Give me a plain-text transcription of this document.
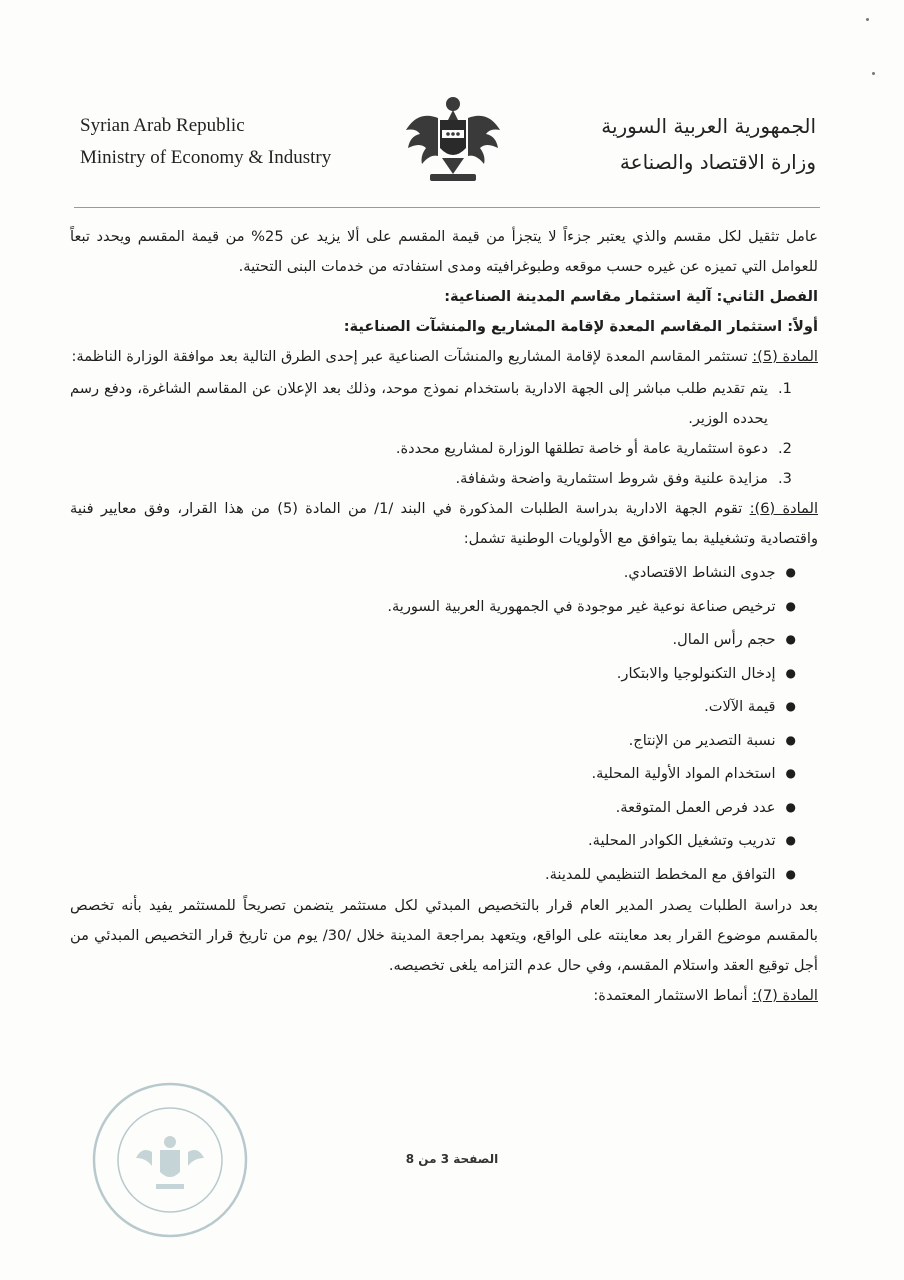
Syrian Arab Republic
Ministry of Economy & Industry
الجمهورية العربية السورية
وزارة الاقتصاد والصناعة

عامل تثقيل لكل مقسم والذي يعتبر جزءاً لا يتجزأ من قيمة المقسم على ألا يزيد عن 25% من قيمة المقسم ويحدد تبعاً للعوامل التي تميزه عن غيره حسب موقعه وطبوغرافيته ومدى استفادته من خدمات البنى التحتية.

الفصل الثاني: آلية استثمار مقاسم المدينة الصناعية:

أولاً: استثمار المقاسم المعدة لإقامة المشاريع والمنشآت الصناعية:

المادة (5): تستثمر المقاسم المعدة لإقامة المشاريع والمنشآت الصناعية عبر إحدى الطرق التالية بعد موافقة الوزارة الناظمة:

1.
يتم تقديم طلب مباشر إلى الجهة الادارية باستخدام نموذج موحد، وذلك بعد الإعلان عن المقاسم الشاغرة، ودفع رسم يحدده الوزير.
2.
دعوة استثمارية عامة أو خاصة تطلقها الوزارة لمشاريع محددة.
3.
مزايدة علنية وفق شروط استثمارية واضحة وشفافة.

المادة (6): تقوم الجهة الادارية بدراسة الطلبات المذكورة في البند /1/ من المادة (5) من هذا القرار، وفق معايير فنية واقتصادية وتشغيلية بما يتوافق مع الأولويات الوطنية تشمل:

●
جدوى النشاط الاقتصادي.
●
ترخيص صناعة نوعية غير موجودة في الجمهورية العربية السورية.
●
حجم رأس المال.
●
إدخال التكنولوجيا والابتكار.
●
قيمة الآلات.
●
نسبة التصدير من الإنتاج.
●
استخدام المواد الأولية المحلية.
●
عدد فرص العمل المتوقعة.
●
تدريب وتشغيل الكوادر المحلية.
●
التوافق مع المخطط التنظيمي للمدينة.

بعد دراسة الطلبات يصدر المدير العام قرار بالتخصيص المبدئي لكل مستثمر يتضمن تصريحاً للمستثمر يفيد بأنه تخصص بالمقسم موضوع القرار بعد معاينته على الواقع، ويتعهد بمراجعة المدينة خلال /30/ يوم من تاريخ قرار التخصيص المبدئي من أجل توقيع العقد واستلام المقسم، وفي حال عدم التزامه يلغى تخصيصه.

المادة (7): أنماط الاستثمار المعتمدة:

الصفحة 3 من 8
